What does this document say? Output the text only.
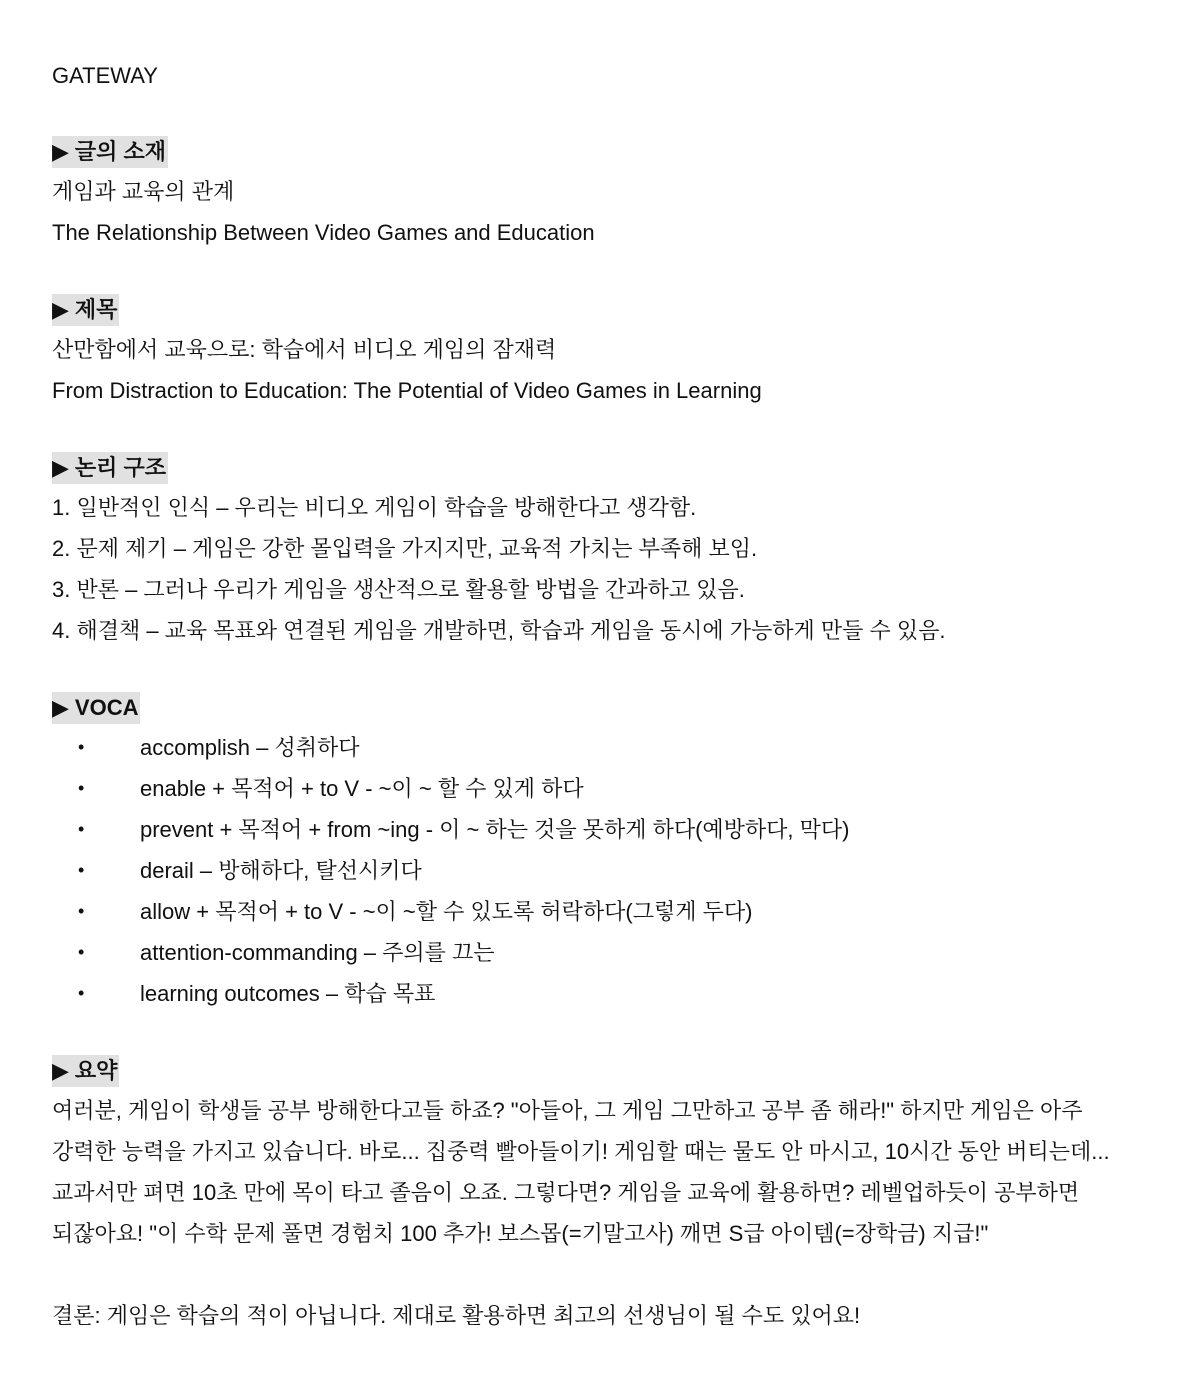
GATEWAY
▶ 글의 소재
게임과 교육의 관계
The Relationship Between Video Games and Education
▶ 제목
산만함에서 교육으로: 학습에서 비디오 게임의 잠재력
From Distraction to Education: The Potential of Video Games in Learning
▶ 논리 구조
1. 일반적인 인식 – 우리는 비디오 게임이 학습을 방해한다고 생각함.
2. 문제 제기 – 게임은 강한 몰입력을 가지지만, 교육적 가치는 부족해 보임.
3. 반론 – 그러나 우리가 게임을 생산적으로 활용할 방법을 간과하고 있음.
4. 해결책 – 교육 목표와 연결된 게임을 개발하면, 학습과 게임을 동시에 가능하게 만들 수 있음.
▶ VOCA
•	accomplish – 성취하다
•	enable + 목적어 + to V - ~이 ~ 할 수 있게 하다
•	prevent + 목적어 + from ~ing - 이 ~ 하는 것을 못하게 하다(예방하다, 막다)
•	derail – 방해하다, 탈선시키다
•	allow + 목적어 + to V - ~이 ~할 수 있도록 허락하다(그렇게 두다)
•	attention-commanding – 주의를 끄는
•	learning outcomes – 학습 목표
▶ 요약
여러분, 게임이 학생들 공부 방해한다고들 하죠? "아들아, 그 게임 그만하고 공부 좀 해라!" 하지만 게임은 아주 강력한 능력을 가지고 있습니다. 바로... 집중력 빨아들이기! 게임할 때는 물도 안 마시고, 10시간 동안 버티는데... 교과서만 펴면 10초 만에 목이 타고 졸음이 오죠. 그렇다면? 게임을 교육에 활용하면? 레벨업하듯이 공부하면 되잖아요! "이 수학 문제 풀면 경험치 100 추가! 보스몹(=기말고사) 깨면 S급 아이템(=장학금) 지급!"
결론: 게임은 학습의 적이 아닙니다. 제대로 활용하면 최고의 선생님이 될 수도 있어요!
